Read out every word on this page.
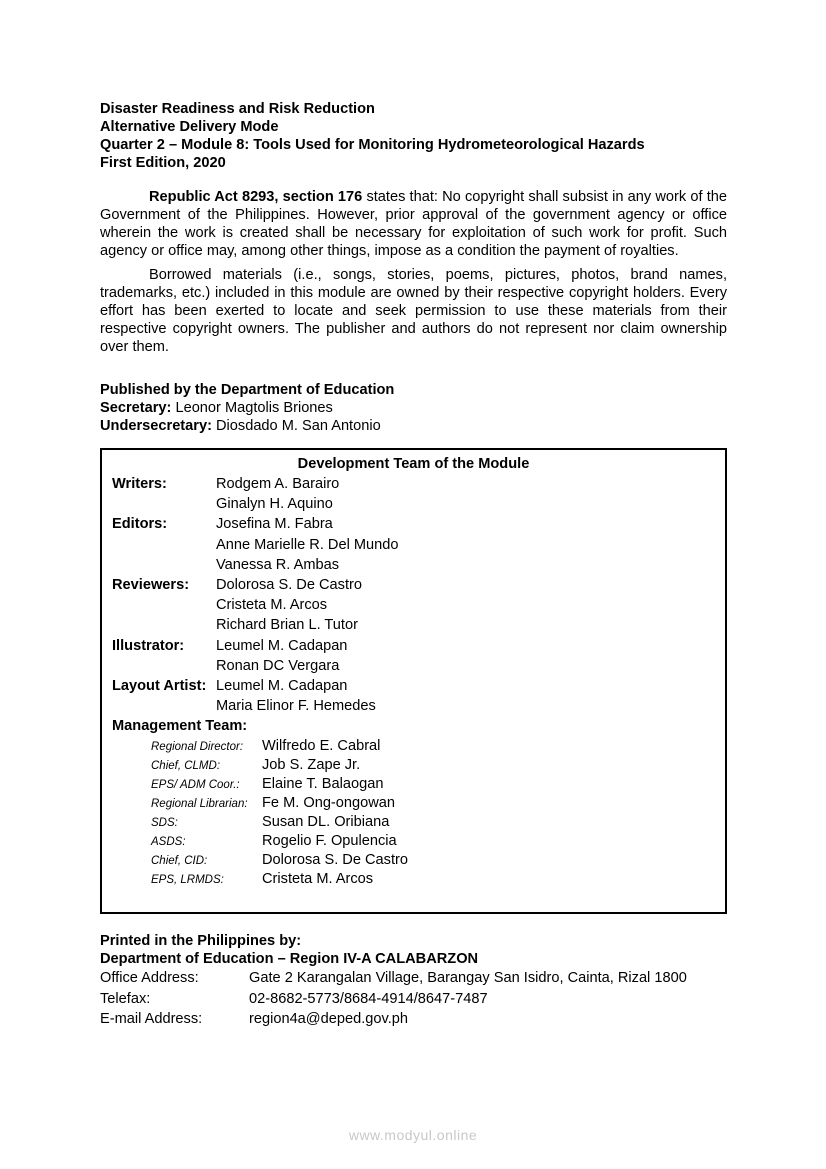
Disaster Readiness and Risk Reduction
Alternative Delivery Mode
Quarter 2 – Module 8: Tools Used for Monitoring Hydrometeorological Hazards
First Edition, 2020

Republic Act 8293, section 176 states that: No copyright shall subsist in any work of the Government of the Philippines. However, prior approval of the government agency or office wherein the work is created shall be necessary for exploitation of such work for profit. Such agency or office may, among other things, impose as a condition the payment of royalties.

Borrowed materials (i.e., songs, stories, poems, pictures, photos, brand names, trademarks, etc.) included in this module are owned by their respective copyright holders. Every effort has been exerted to locate and seek permission to use these materials from their respective copyright owners. The publisher and authors do not represent nor claim ownership over them.

Published by the Department of Education
Secretary: Leonor Magtolis Briones
Undersecretary: Diosdado M. San Antonio
Development Team of the Module
Writers:	Rodgem A. Barairo
Ginalyn H. Aquino
Editors:	Josefina M. Fabra
Anne Marielle R. Del Mundo
Vanessa R. Ambas
Reviewers: Dolorosa S. De Castro
Cristeta M. Arcos
Richard Brian L. Tutor
Illustrator: Leumel M. Cadapan
Ronan DC Vergara
Layout Artist: Leumel M. Cadapan
Maria Elinor F. Hemedes
Management Team:
Regional Director: Wilfredo E. Cabral
Chief, CLMD:	Job S. Zape Jr.
EPS/ ADM Coor.: Elaine T. Balaogan
Regional Librarian: Fe M. Ong-ongowan
SDS:	Susan DL. Oribiana
ASDS:	Rogelio F. Opulencia
Chief, CID:	Dolorosa S. De Castro
EPS, LRMDS:	Cristeta M. Arcos
Printed in the Philippines by:
Department of Education – Region IV-A CALABARZON
Office Address:	Gate 2 Karangalan Village, Barangay San Isidro, Cainta, Rizal 1800
Telefax:	02-8682-5773/8684-4914/8647-7487
E-mail Address:	region4a@deped.gov.ph
www.modyul.online
